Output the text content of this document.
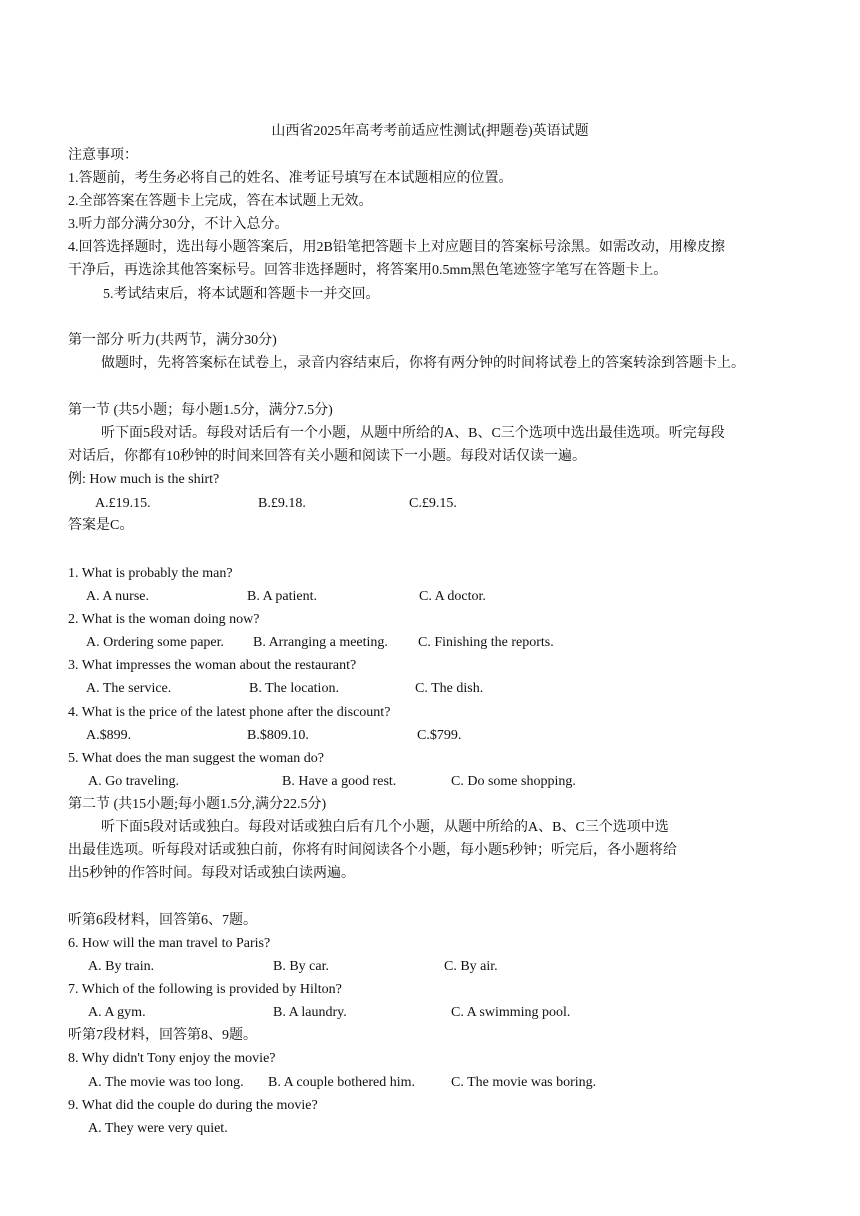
山西省2025年高考考前适应性测试(押题卷)英语试题
注意事项：
1.答题前，考生务必将自己的姓名、准考证号填写在本试题相应的位置。
2.全部答案在答题卡上完成，答在本试题上无效。
3.听力部分满分30分，不计入总分。
4.回答选择题时，选出每小题答案后，用2B铅笔把答题卡上对应题目的答案标号涂黑。如需改动，用橡皮擦
干净后，再选涂其他答案标号。回答非选择题时，将答案用0.5mm黑色笔迹签字笔写在答题卡上。
5.考试结束后，将本试题和答题卡一并交回。
第一部分 听力(共两节，满分30分)
做题时，先将答案标在试卷上，录音内容结束后，你将有两分钟的时间将试卷上的答案转涂到答题卡上。
第一节 (共5小题；每小题1.5分，满分7.5分)
听下面5段对话。每段对话后有一个小题，从题中所给的A、B、C三个选项中选出最佳选项。听完每段
对话后，你都有10秒钟的时间来回答有关小题和阅读下一小题。每段对话仅读一遍。
例: How much is the shirt?
A.£19.15.	B.£9.18.	C.£9.15.
答案是C。
1. What is probably the man?
A. A nurse.	B. A patient.	C. A doctor.
2. What is the woman doing now?
A. Ordering some paper. B. Arranging a meeting. C. Finishing the reports.
3. What impresses the woman about the restaurant?
A. The service.	B. The location.	C. The dish.
4. What is the price of the latest phone after the discount?
A.$899.	B.$809.10.	C.$799.
5. What does the man suggest the woman do?
A. Go traveling.	B. Have a good rest.	C. Do some shopping.
第二节 (共15小题;每小题1.5分,满分22.5分)
听下面5段对话或独白。每段对话或独白后有几个小题，从题中所给的A、B、C三个选项中选
出最佳选项。听每段对话或独白前，你将有时间阅读各个小题，每小题5秒钟；听完后，各小题将给
出5秒钟的作答时间。每段对话或独白读两遍。
听第6段材料，回答第6、7题。
6. How will the man travel to Paris?
A. By train.	B. By car.	C. By air.
7. Which of the following is provided by Hilton?
A. A gym.	B. A laundry.	C. A swimming pool.
听第7段材料，回答第8、9题。
8. Why didn't Tony enjoy the movie?
A. The movie was too long. B. A couple bothered him.	C. The movie was boring.
9. What did the couple do during the movie?
A. They were very quiet.
